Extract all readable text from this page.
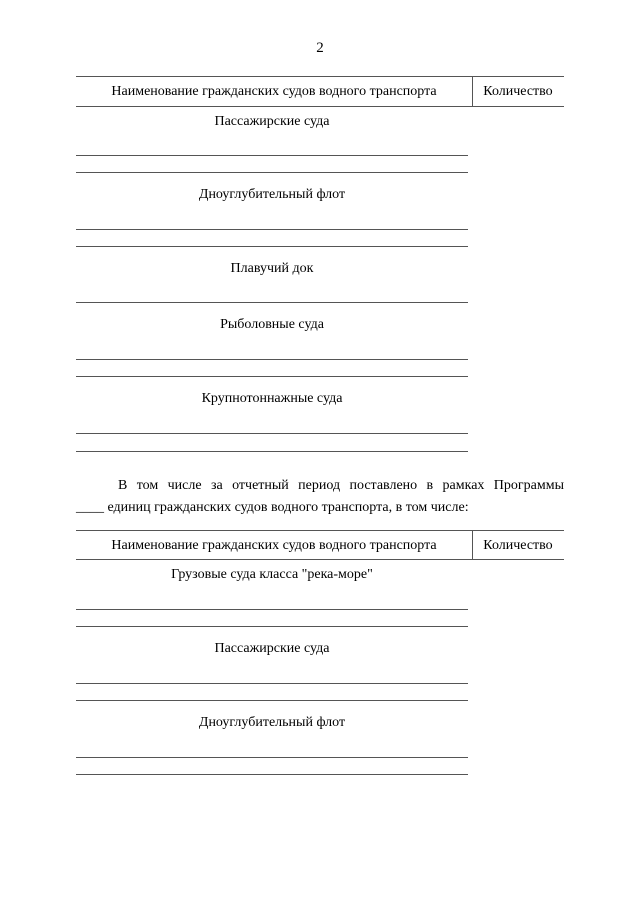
2
Наименование гражданских судов водного транспорта	Количество
Пассажирские суда
Дноуглубительный флот
Плавучий док
Рыболовные суда
Крупнотоннажные суда

В том числе за отчетный период поставлено в рамках Программы

____ единиц гражданских судов водного транспорта, в том числе:

Наименование гражданских судов водного транспорта	Количество
Грузовые суда класса "река-море"
Пассажирские суда
Дноуглубительный флот
